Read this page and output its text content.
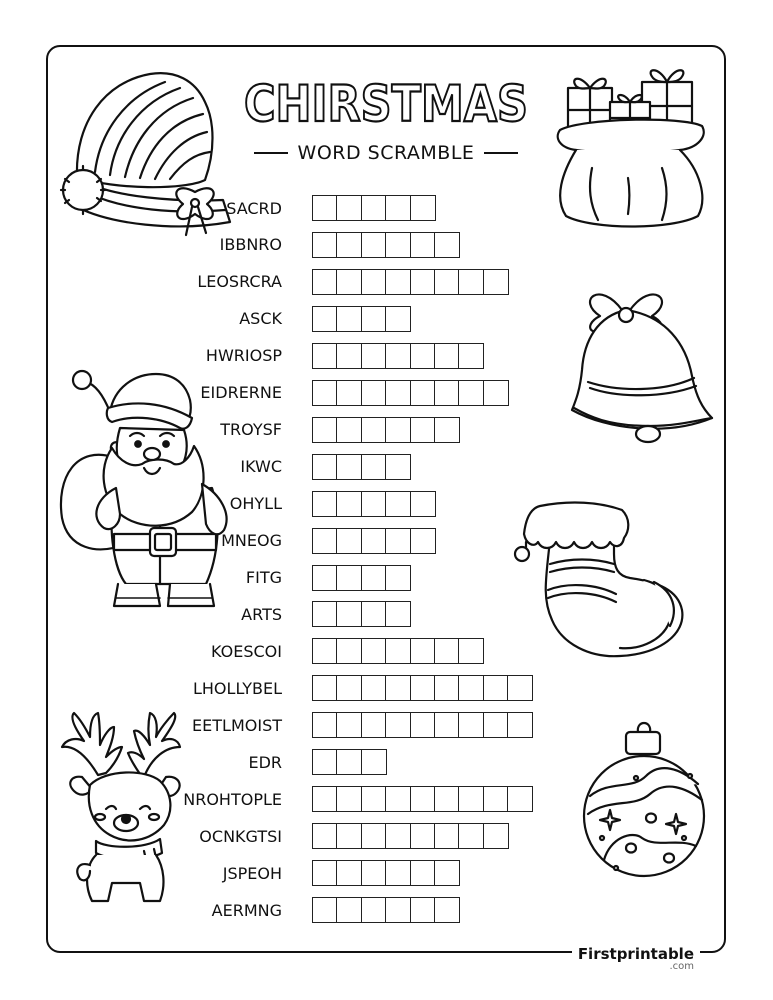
CHIRSTMAS
WORD SCRAMBLE
SACRD
IBBNRO
LEOSRCRA
ASCK
HWRIOSP
EIDRERNE
TROYSF
IKWC
OHYLL
MNEOG
FITG
ARTS
KOESCOI
LHOLLYBEL
EETLMOIST
EDR
NROHTOPLE
OCNKGTSI
JSPEOH
AERMNG
Firstprintable
.com
